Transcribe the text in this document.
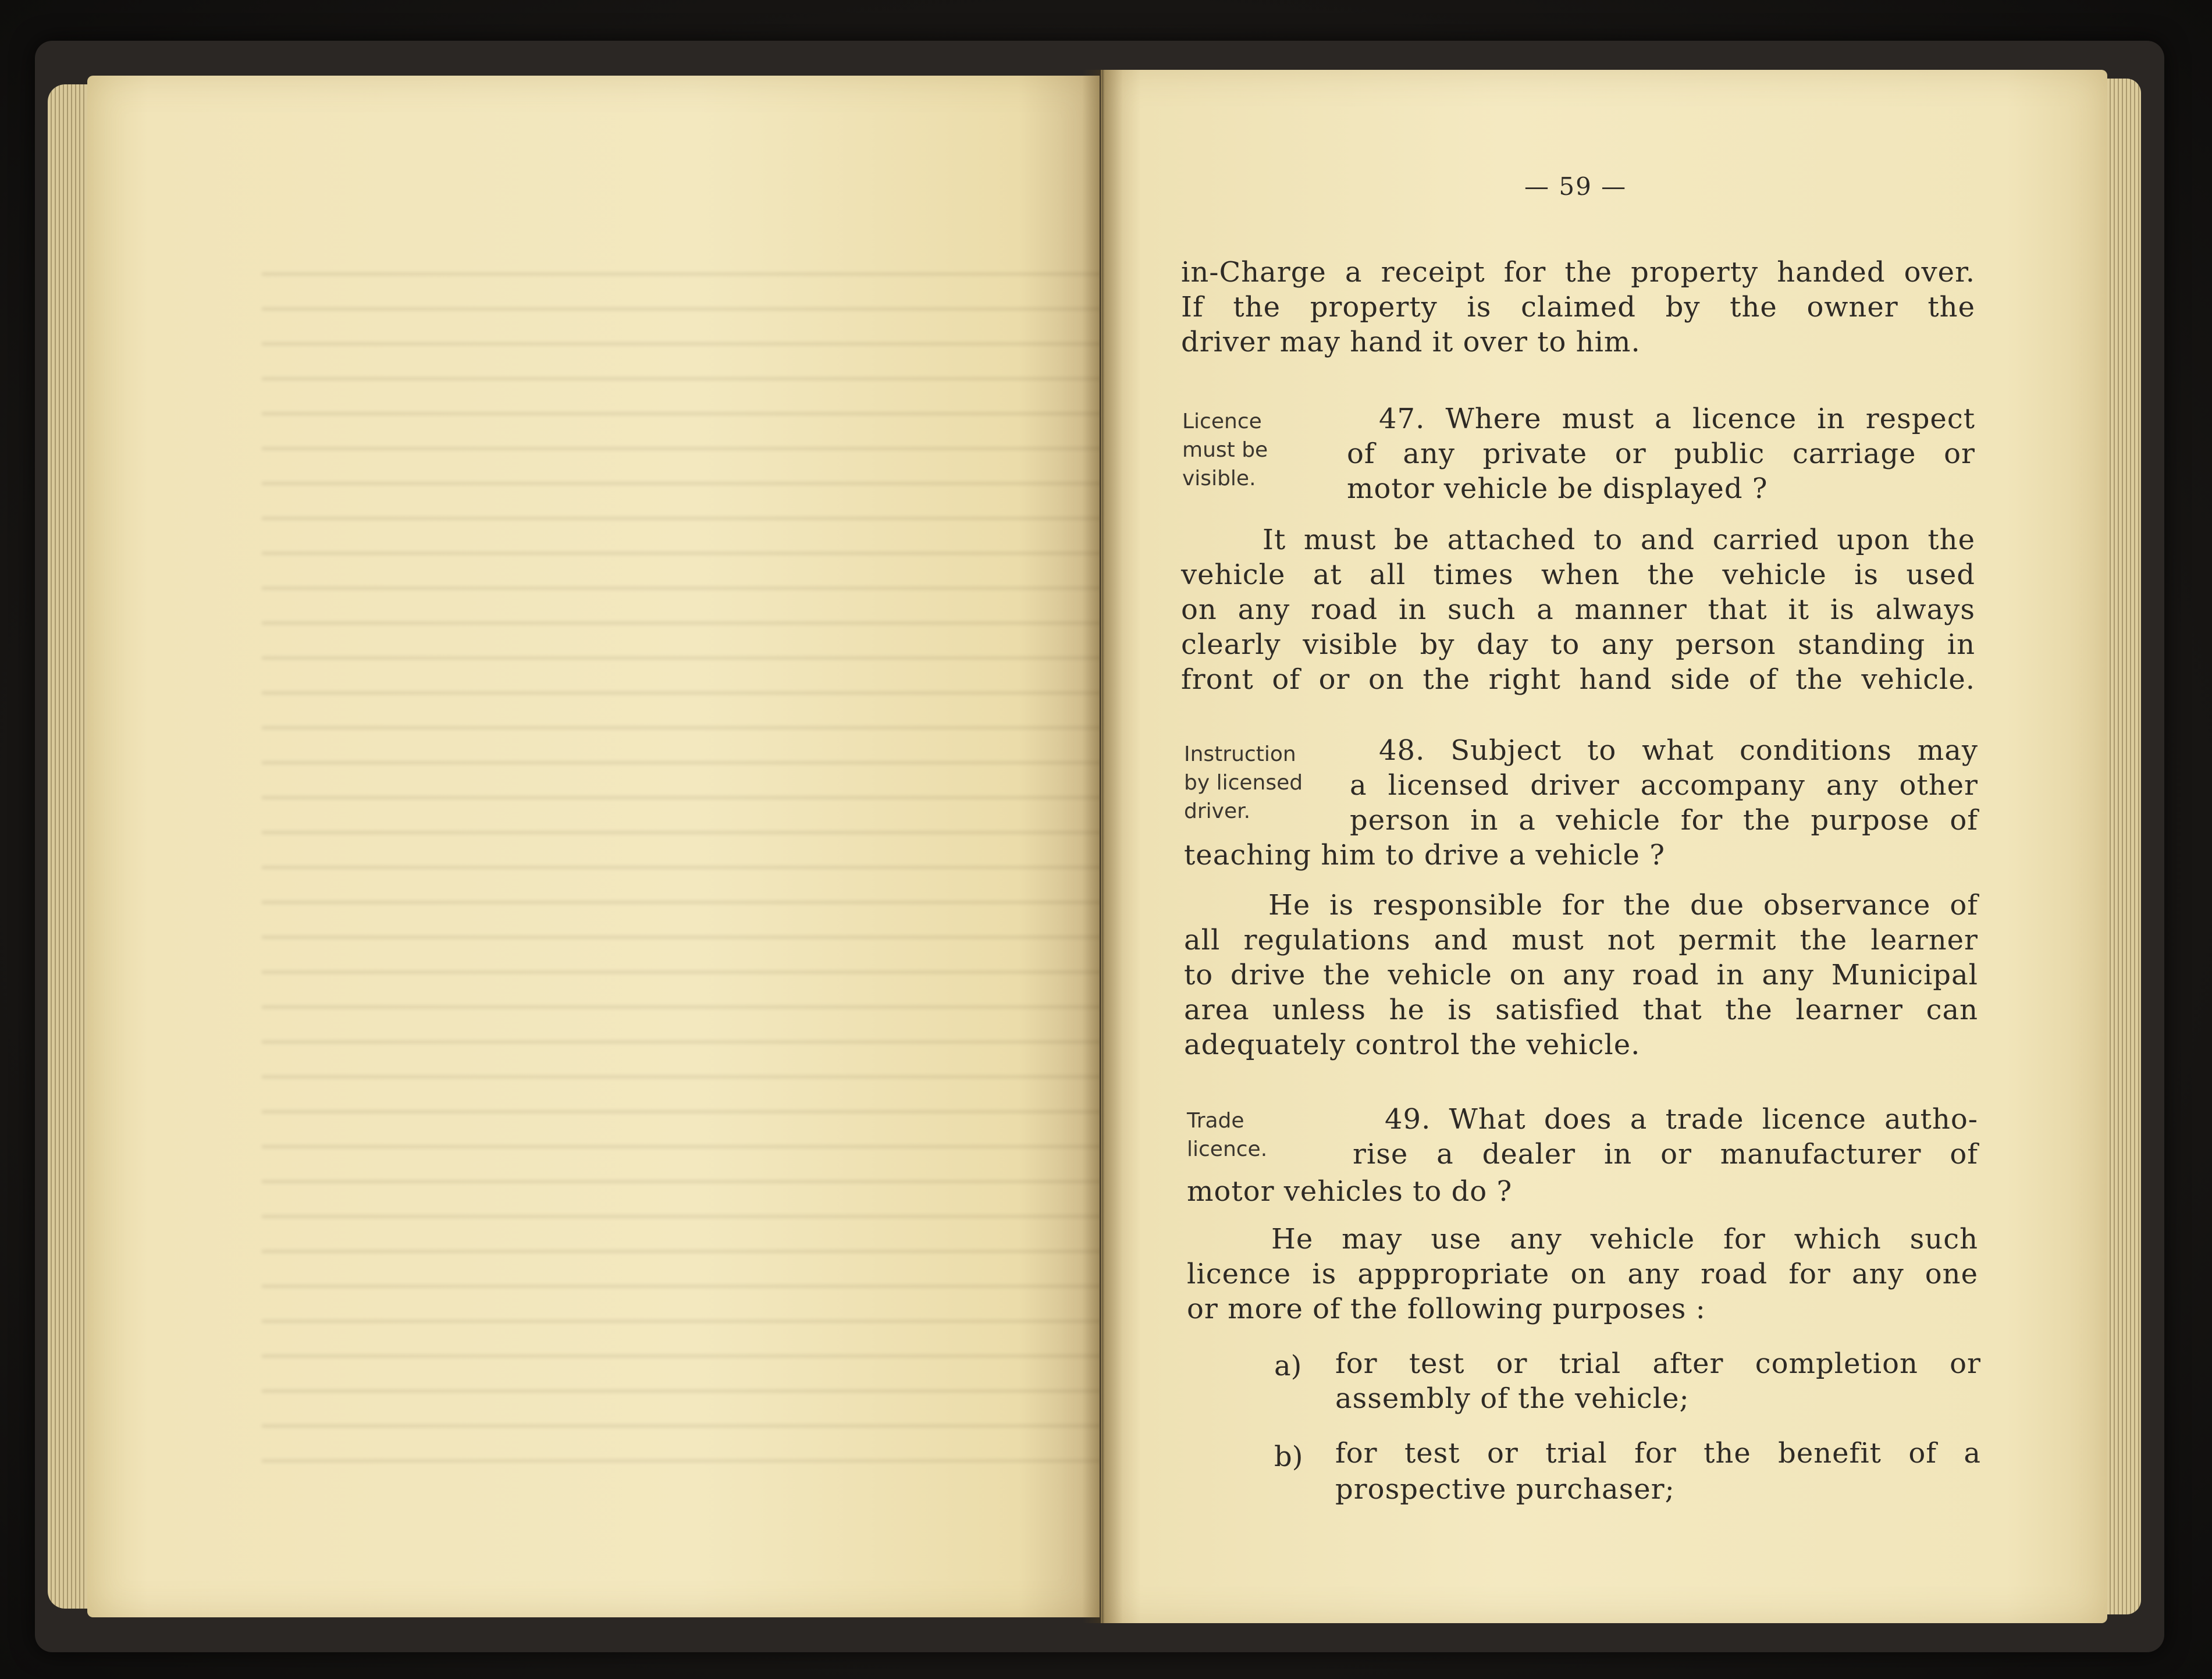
— 59 —
in-Charge a receipt for the property handed over.
If the property is claimed by the owner the
driver may hand it over to him.
Licence
must be
visible.
47. Where must a licence in respect
of any private or public carriage or
motor vehicle be displayed ?
It must be attached to and carried upon the
vehicle at all times when the vehicle is used
on any road in such a manner that it is always
clearly visible by day to any person standing in
front of or on the right hand side of the vehicle.
Instruction
by licensed
driver.
48. Subject to what conditions may
a licensed driver accompany any other
person in a vehicle for the purpose of
teaching him to drive a vehicle ?
He is responsible for the due observance of
all regulations and must not permit the learner
to drive the vehicle on any road in any Municipal
area unless he is satisfied that the learner can
adequately control the vehicle.
Trade
licence.
49. What does a trade licence autho-
rise a dealer in or manufacturer of
motor vehicles to do ?
He may use any vehicle for which such
licence is apppropriate on any road for any one
or more of the following purposes :
a) for test or trial after completion or
assembly of the vehicle;
b) for test or trial for the benefit of a
prospective purchaser;
